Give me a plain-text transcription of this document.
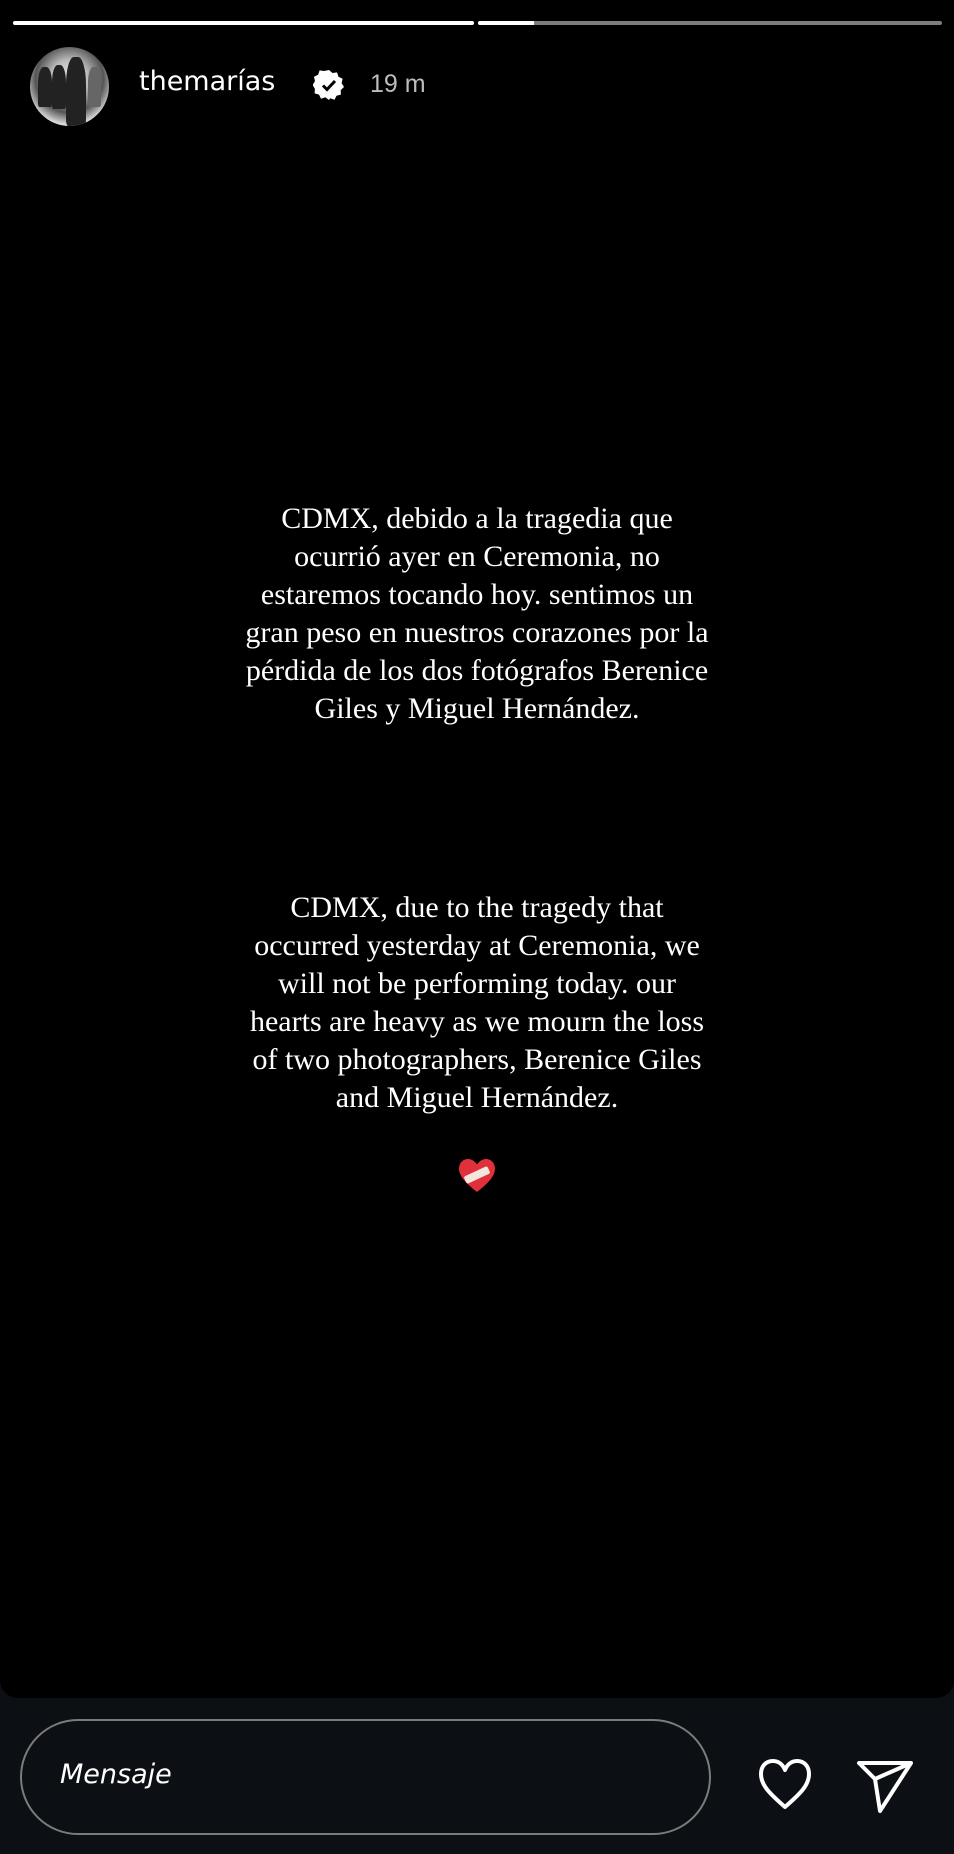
themarías	19 m
CDMX, debido a la tragedia que
ocurrió ayer en Ceremonia, no
estaremos tocando hoy. sentimos un
gran peso en nuestros corazones por la
pérdida de los dos fotógrafos Berenice
Giles y Miguel Hernández.
CDMX, due to the tragedy that
occurred yesterday at Ceremonia, we
will not be performing today. our
hearts are heavy as we mourn the loss
of two photographers, Berenice Giles
and Miguel Hernández.
Mensaje
